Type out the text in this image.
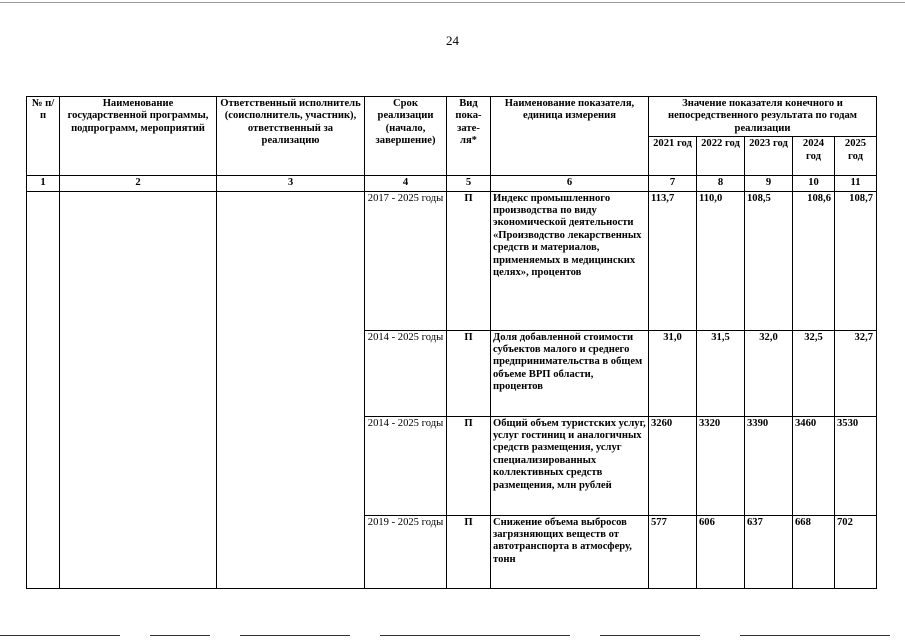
24
№ п/п	Наименование государственной программы, подпрограмм, мероприятий	Ответственный исполнитель (соисполнитель, участник), ответственный за реализацию	Срок реализации (начало, завершение)	Вид пока-зате-ля*	Наименование показателя, единица измерения	Значение показателя конечного и непосредственного результата по годам реализации				
						2021 год	2022 год	2023 год	2024 год	2025 год
1	2	3	4	5	6	7	8	9	10	11
			2017 - 2025 годы	П	Индекс промышленного производства по виду экономической деятельности «Производство лекарственных средств и материалов, применяемых в медицинских целях», процентов	113,7	110,0	108,5	108,6	108,7
			2014 - 2025 годы	П	Доля добавленной стоимости субъектов малого и среднего предпринимательства в общем объеме ВРП области, процентов	31,0	31,5	32,0	32,5	32,7
			2014 - 2025 годы	П	Общий объем туристских услуг, услуг гостиниц и аналогичных средств размещения, услуг специализированных коллективных средств размещения, млн рублей	3260	3320	3390	3460	3530
			2019 - 2025 годы	П	Снижение объема выбросов загрязняющих веществ от автотранспорта в атмосферу, тонн	577	606	637	668	702
